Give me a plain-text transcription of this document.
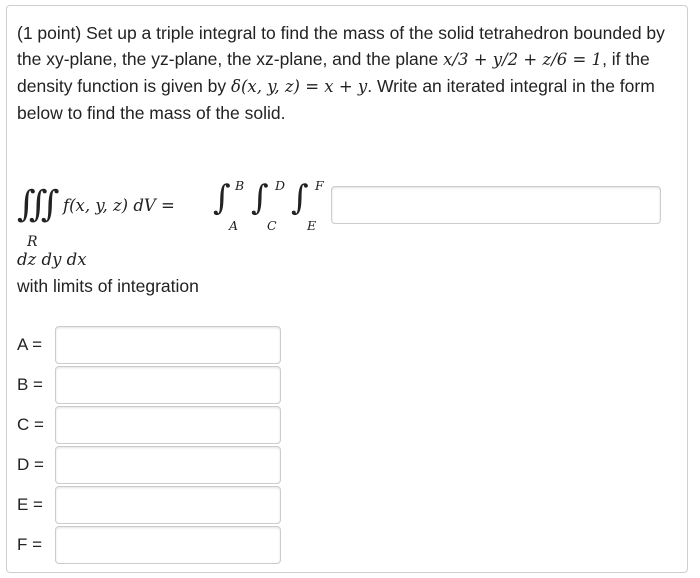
(1 point) Set up a triple integral to find the mass of the solid tetrahedron bounded by the xy-plane, the yz-plane, the xz-plane, and the plane x/3 + y/2 + z/6 = 1, if the density function is given by δ(x, y, z) = x + y. Write an iterated integral in the form below to find the mass of the solid.

∭
R
f(x, y, z) dV = ∫ B
A
∫ D
C
∫ F
E
dz dy dx
with limits of integration
A =
B =
C =
D =
E =
F =
